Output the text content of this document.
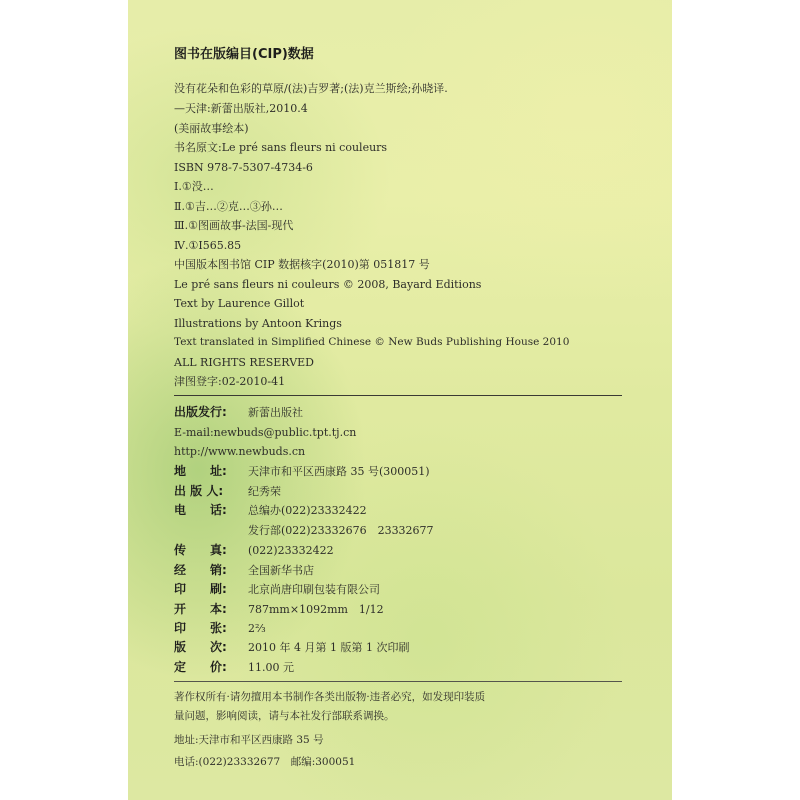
图书在版编目(CIP)数据
没有花朵和色彩的草原/(法)吉罗著;(法)克兰斯绘;孙晓译.
—天津:新蕾出版社,2010.4
(美丽故事绘本)
书名原文:Le pré sans fleurs ni couleurs
ISBN 978-7-5307-4734-6
Ⅰ.①没…
Ⅱ.①吉…②克…③孙…
Ⅲ.①图画故事-法国-现代
Ⅳ.①I565.85
中国版本图书馆 CIP 数据核字(2010)第 051817 号
Le pré sans fleurs ni couleurs © 2008, Bayard Editions
Text by Laurence Gillot
Illustrations by Antoon Krings
Text translated in Simplified Chinese © New Buds Publishing House 2010
ALL RIGHTS RESERVED
津图登字:02-2010-41
出版发行: 新蕾出版社
E-mail:newbuds@public.tpt.tj.cn
http://www.newbuds.cn
地　　址: 天津市和平区西康路 35 号(300051)
出 版 人: 纪秀荣
电　　话: 总编办(022)23332422
发行部(022)23332676　23332677
传　　真: (022)23332422
经　　销: 全国新华书店
印　　刷: 北京尚唐印刷包装有限公司
开　　本: 787mm×1092mm　1/12
印　　张: 2⅔
版　　次: 2010 年 4 月第 1 版第 1 次印刷
定　　价: 11.00 元
著作权所有·请勿擅用本书制作各类出版物·违者必究，如发现印装质
量问题，影响阅读，请与本社发行部联系调换。
地址:天津市和平区西康路 35 号
电话:(022)23332677　邮编:300051
